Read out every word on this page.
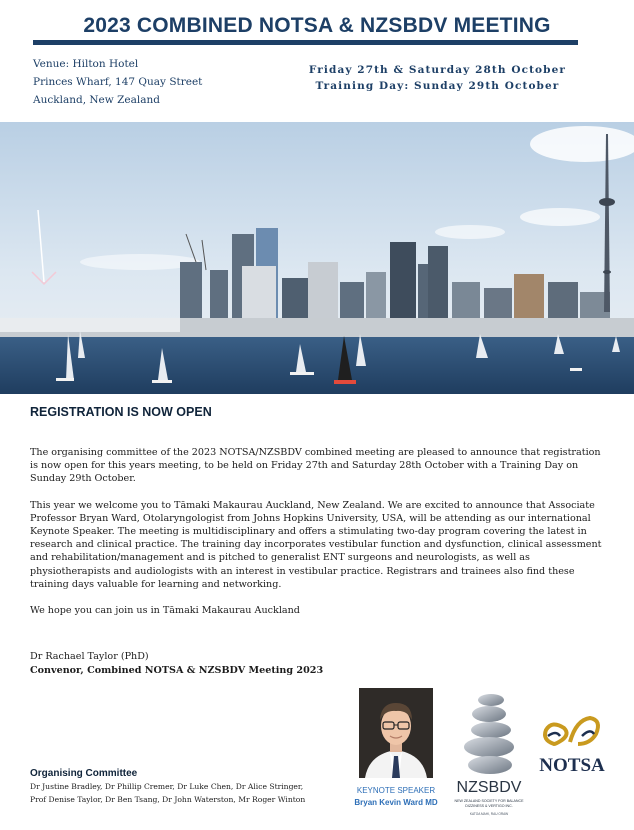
2023 COMBINED NOTSA & NZSBDV MEETING
Venue: Hilton Hotel
Princes Wharf, 147 Quay Street
Auckland, New Zealand
Friday 27th & Saturday 28th October
Training Day: Sunday 29th October
REGISTRATION IS NOW OPEN

The organising committee of the 2023 NOTSA/NZSBDV combined meeting are pleased to announce that registration is now open for this years meeting, to be held on Friday 27th and Saturday 28th October with a Training Day on Sunday 29th October.

This year we welcome you to Tāmaki Makaurau Auckland, New Zealand. We are excited to announce that Associate Professor Bryan Ward, Otolaryngologist from Johns Hopkins University, USA, will be attending as our international Keynote Speaker. The meeting is multidisciplinary and offers a stimulating two-day program covering the latest in research and clinical practice. The training day incorporates vestibular function and dysfunction, clinical assessment and rehabilitation/management and is pitched to generalist ENT surgeons and neurologists, as well as physiotherapists and audiologists with an interest in vestibular practice. Registrars and trainees also find these training days valuable for learning and networking.

We hope you can join us in Tāmaki Makaurau Auckland

Dr Rachael Taylor (PhD)
Convenor, Combined NOTSA & NZSBDV Meeting 2023
Organising Committee
Dr Justine Bradley, Dr Phillip Cremer, Dr Luke Chen, Dr Alice Stringer,
Prof Denise Taylor, Dr Ben Tsang, Dr John Waterston, Mr Roger Winton
KEYNOTE SPEAKER
Bryan Kevin Ward MD
NZSBDV
NEW ZEALAND SOCIETY FOR BALANCE
DIZZINESS & VERTIGO INC.
KATOA MAHI, RAU ORAW
NOTSA
